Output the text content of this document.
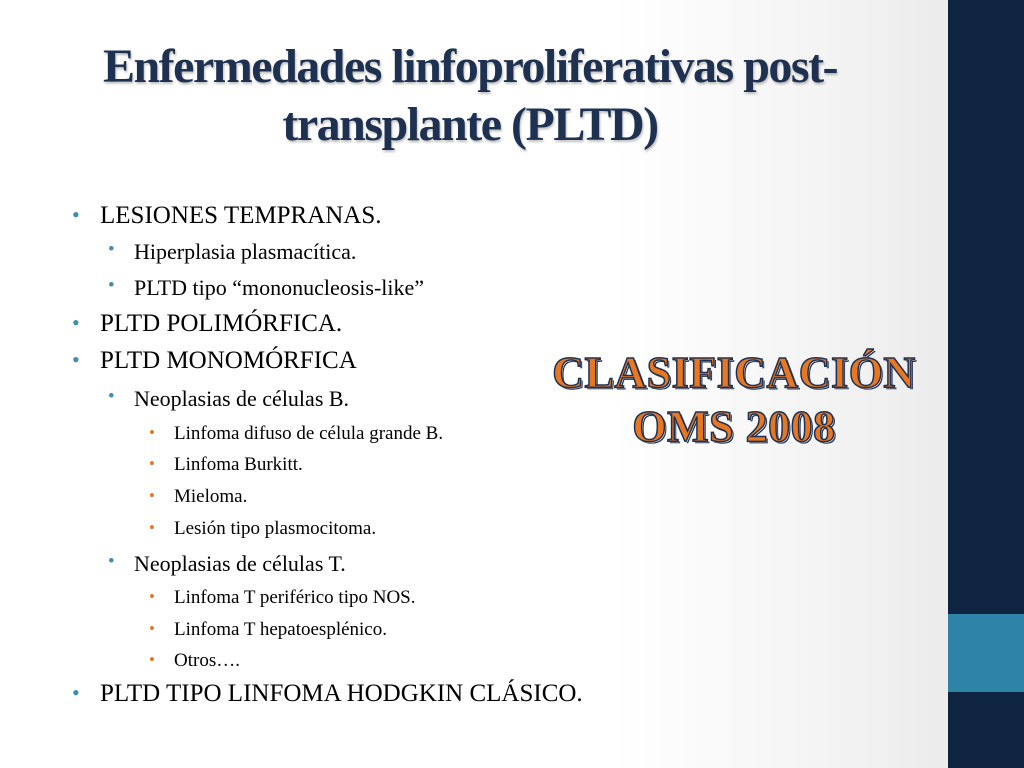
Enfermedades linfoproliferativas post-
transplante (PLTD)
• LESIONES TEMPRANAS.
• Hiperplasia plasmacítica.
• PLTD tipo “mononucleosis-like”
• PLTD POLIMÓRFICA.
• PLTD MONOMÓRFICA
• Neoplasias de células B.
• Linfoma difuso de célula grande B.
• Linfoma Burkitt.
• Mieloma.
• Lesión tipo plasmocitoma.
• Neoplasias de células T.
• Linfoma T periférico tipo NOS.
• Linfoma T hepatoesplénico.
• Otros….
• PLTD TIPO LINFOMA HODGKIN CLÁSICO.
CLASIFICACIÓN
OMS 2008
